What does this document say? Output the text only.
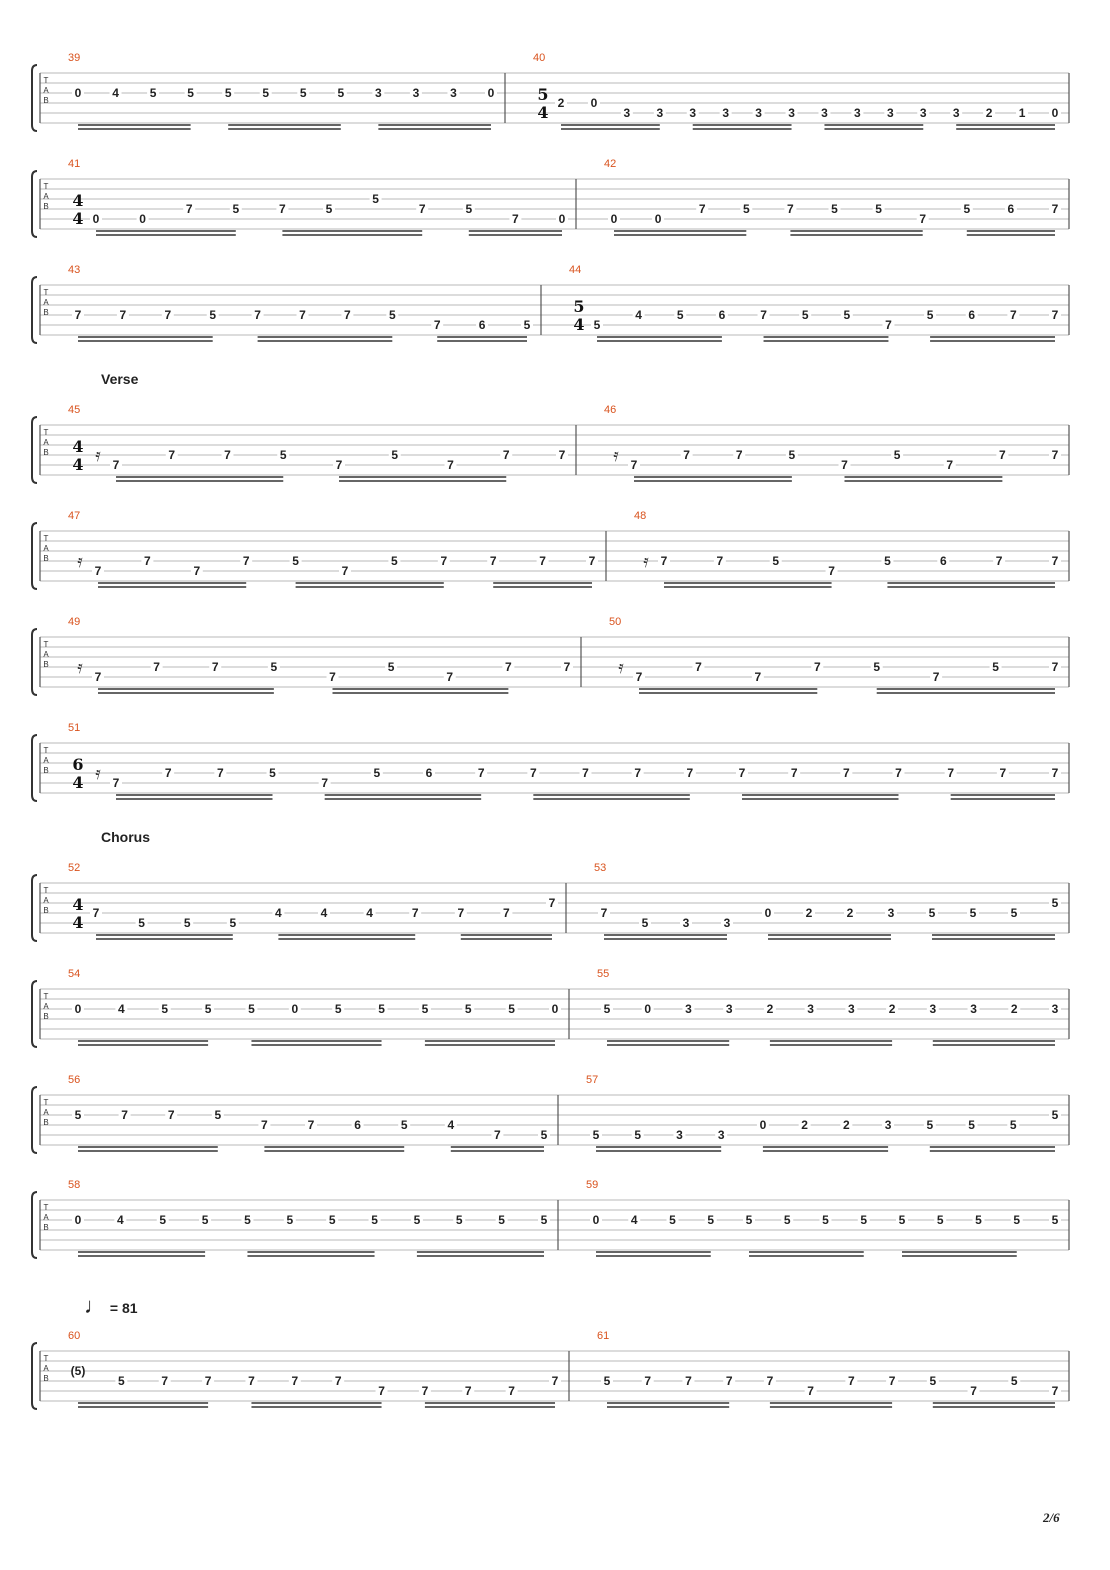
T
A
B
39
0	4	5	5	5	5	5	5	3	3	3	0
40
5
4 2 0
3 3 3 3 3 3 3 3 3 3 3 2 1 0
T
A
B
41
4
4 0	0
7	5	7	5
5
7	5
7	0
42
0	0
7	5	7	5	5
7
5	6	7
T
A
B
43
7	7	7	5	7	7	7	5
7	6	5
44
5
4 5
4	5	6	7	5	5
7
5	6	7	7
Verse
T
A
B
45
4
4 𝄿 7
7	7	5
7
5
7
7	7
46
𝄿 7
7	7	5
7
5
7
7	7
T
A
B
47
𝄿 7
7
7
7	5
7
5	7	7	7	7
48
𝄿 7	7	5
7
5	6	7	7
T
A
B
49
𝄿 7
7	7	5
7
5
7
7	7
50
𝄿 7
7
7
7	5
7
5	7
T
A
B
51
6
4 𝄿 7
7	7	5
7
5	6	7	7	7	7	7	7	7	7	7	7	7	7
Chorus
T
A
B
52
4
4 7
5	5	5
4	4	4	7	7	7
7
53
7
5	3	3
0	2	2	3	5	5	5
5
T
A
B
54
0	4	5	5	5	0	5	5	5	5	5	0
55
5	0	3	3	2	3	3	2	3	3	2	3
T
A
B
56
5	7	7	5
7	7	6	5	4
7	5
57
5	5	3	3
0	2	2	3	5	5	5
5
T
A
B
58
0	4	5	5	5	5	5	5	5	5	5	5
59
0	4	5	5	5	5	5	5	5	5	5	5	5
♩ = 81
T
A
B
60
(5)
5	7	7	7	7	7
7	7	7	7
7
61
5	7	7	7	7
7
7	7	5
7
5
7
2/6
